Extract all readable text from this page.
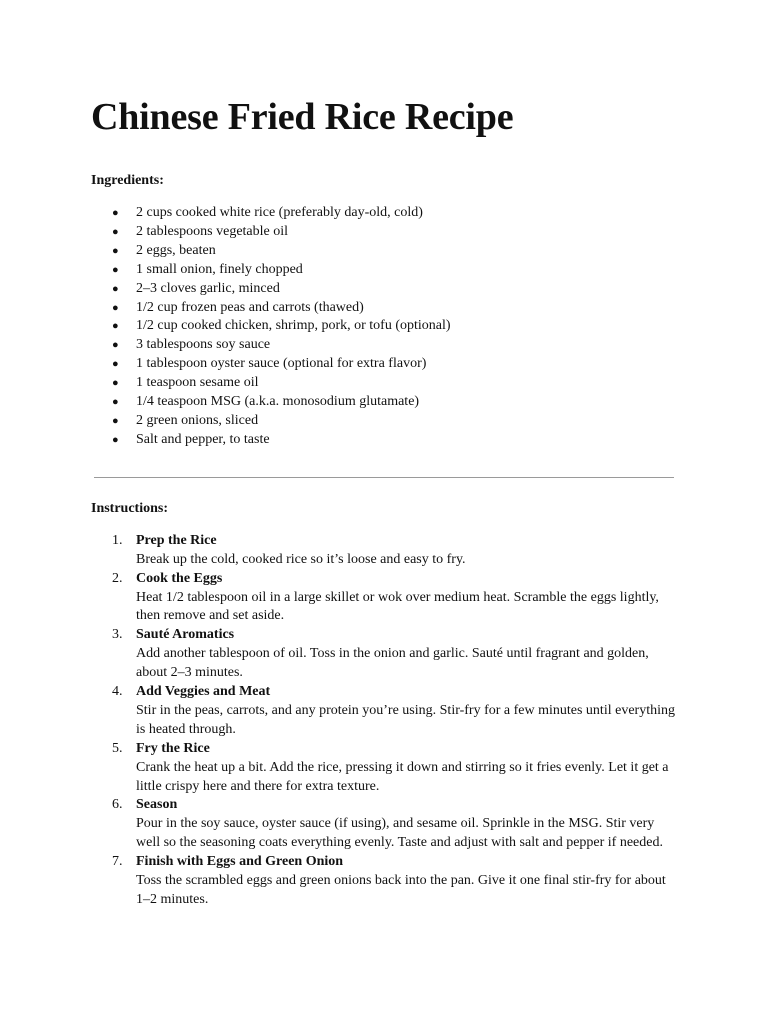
Chinese Fried Rice Recipe

Ingredients:

● 2 cups cooked white rice (preferably day-old, cold)
● 2 tablespoons vegetable oil
● 2 eggs, beaten
● 1 small onion, finely chopped
● 2–3 cloves garlic, minced
● 1/2 cup frozen peas and carrots (thawed)
● 1/2 cup cooked chicken, shrimp, pork, or tofu (optional)
● 3 tablespoons soy sauce
● 1 tablespoon oyster sauce (optional for extra flavor)
● 1 teaspoon sesame oil
● 1/4 teaspoon MSG (a.k.a. monosodium glutamate)
● 2 green onions, sliced
● Salt and pepper, to taste

Instructions:

1. Prep the Rice
Break up the cold, cooked rice so it’s loose and easy to fry.
2. Cook the Eggs
Heat 1/2 tablespoon oil in a large skillet or wok over medium heat. Scramble the eggs lightly, then remove and set aside.
3. Sauté Aromatics
Add another tablespoon of oil. Toss in the onion and garlic. Sauté until fragrant and golden, about 2–3 minutes.
4. Add Veggies and Meat
Stir in the peas, carrots, and any protein you’re using. Stir-fry for a few minutes until everything is heated through.
5. Fry the Rice
Crank the heat up a bit. Add the rice, pressing it down and stirring so it fries evenly. Let it get a little crispy here and there for extra texture.
6. Season
Pour in the soy sauce, oyster sauce (if using), and sesame oil. Sprinkle in the MSG. Stir very well so the seasoning coats everything evenly. Taste and adjust with salt and pepper if needed.
7. Finish with Eggs and Green Onion
Toss the scrambled eggs and green onions back into the pan. Give it one final stir-fry for about 1–2 minutes.
